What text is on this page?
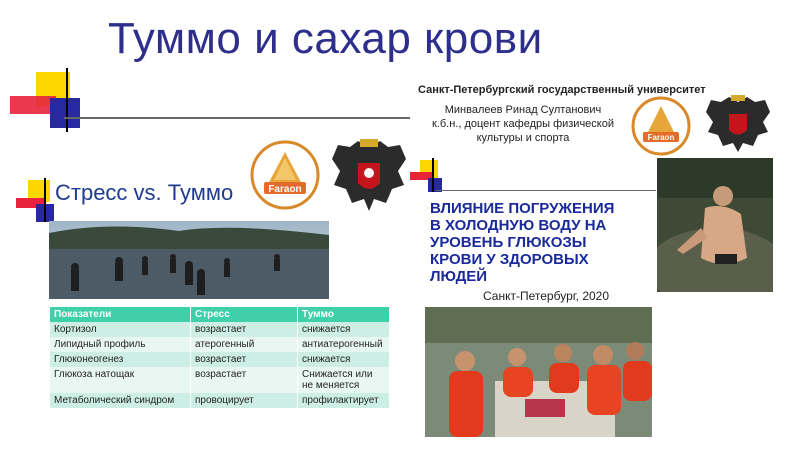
Туммо и сахар крови
Стресс vs. Туммо	Faraon
Показатели	Стресс	Туммо
Кортизол	возрастает	снижается
Липидный профиль	атерогенный	антиатерогенный
Глюконеогенез	возрастает	снижается
Глюкоза натощак	возрастает	Снижается или не меняется
Метаболический синдром	провоцирует	профилактирует
Санкт-Петербургский государственный университет
Минвалеев Ринад Султанович
к.б.н., доцент кафедры физической
культуры и спорта	Faraon
ВЛИЯНИЕ ПОГРУЖЕНИЯ
В ХОЛОДНУЮ ВОДУ НА
УРОВЕНЬ ГЛЮКОЗЫ
КРОВИ У ЗДОРОВЫХ
ЛЮДЕЙ
Санкт-Петербург, 2020
